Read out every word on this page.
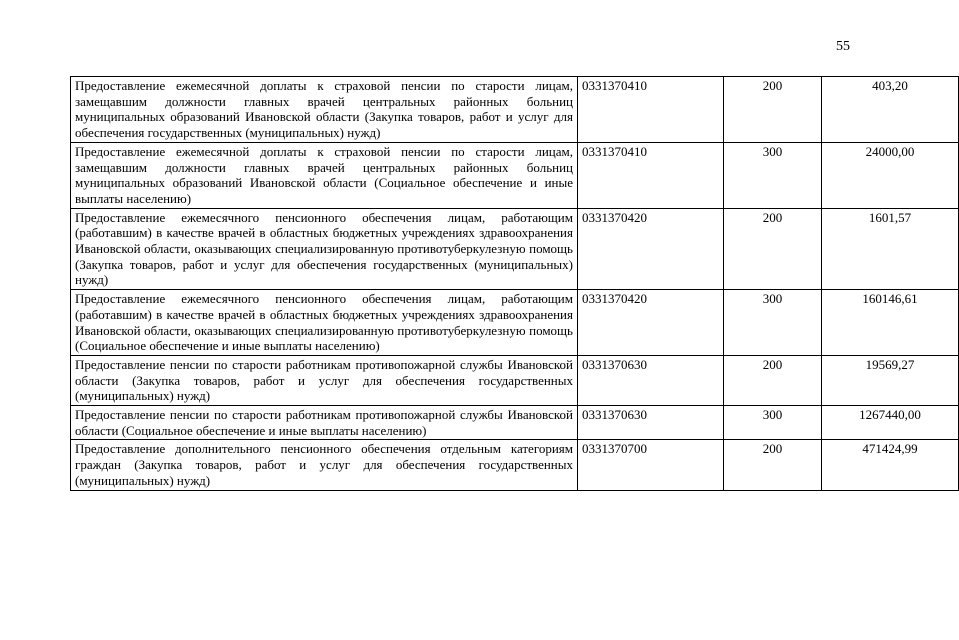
55
Предоставление ежемесячной доплаты к страховой пенсии по старости лицам, замещавшим должности главных врачей центральных районных больниц муниципальных образований Ивановской области (Закупка товаров, работ и услуг для обеспечения государственных (муниципальных) нужд)	0331370410	200	403,20
Предоставление ежемесячной доплаты к страховой пенсии по старости лицам, замещавшим должности главных врачей центральных районных больниц муниципальных образований Ивановской области (Социальное обеспечение и иные выплаты населению)	0331370410	300	24000,00
Предоставление ежемесячного пенсионного обеспечения лицам, работающим (работавшим) в качестве врачей в областных бюджетных учреждениях здравоохранения Ивановской области, оказывающих специализированную противотуберкулезную помощь (Закупка товаров, работ и услуг для обеспечения государственных (муниципальных) нужд)	0331370420	200	1601,57
Предоставление ежемесячного пенсионного обеспечения лицам, работающим (работавшим) в качестве врачей в областных бюджетных учреждениях здравоохранения Ивановской области, оказывающих специализированную противотуберкулезную помощь (Социальное обеспечение и иные выплаты населению)	0331370420	300	160146,61
Предоставление пенсии по старости работникам противопожарной службы Ивановской области (Закупка товаров, работ и услуг для обеспечения государственных (муниципальных) нужд)	0331370630	200	19569,27
Предоставление пенсии по старости работникам противопожарной службы Ивановской области (Социальное обеспечение и иные выплаты населению)	0331370630	300	1267440,00
Предоставление дополнительного пенсионного обеспечения отдельным категориям граждан (Закупка товаров, работ и услуг для обеспечения государственных (муниципальных) нужд)	0331370700	200	471424,99
